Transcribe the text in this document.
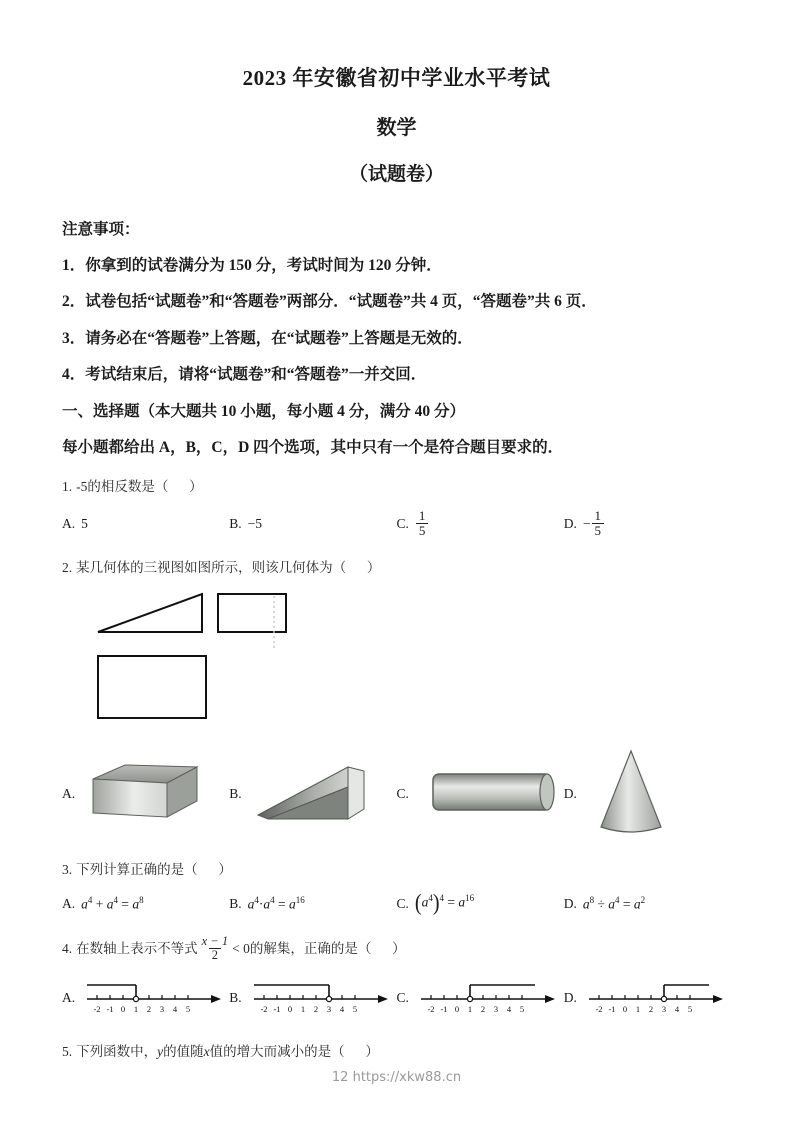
2023 年安徽省初中学业水平考试
数学
（试题卷）
注意事项：
1．你拿到的试卷满分为 150 分，考试时间为 120 分钟．
2．试卷包括“试题卷”和“答题卷”两部分．“试题卷”共 4 页，“答题卷”共 6 页．
3．请务必在“答题卷”上答题，在“试题卷”上答题是无效的．
4．考试结束后，请将“试题卷”和“答题卷”一并交回．
一、选择题（本大题共 10 小题，每小题 4 分，满分 40 分）
每小题都给出 A，B，C，D 四个选项，其中只有一个是符合题目要求的．
1. -5 的相反数是（
）
A. 5	B. −5	C. $\frac{1}{5}$	D. − $\frac{1}{5}$
2. 某几何体的三视图如图所示，则该几何体为（
）
A.	B.	C.	D.
3. 下列计算正确的是（
）
A. $a^4 + a^4 = a^8$	B. $a^4\cdot a^4 = a^{16}$	C. $(a^4)^4 = a^{16}$	D. $a^8 \div a^4 = a^2$
4. 在数轴上表示不等式 $\frac{x - 1}{2} < 0$ 的解集，正确的是（
）
A.
-2 -1 0 1 2 3 4 5
B.
-2 -1 0 1 2 3 4 5
C.
-2 -1 0 1 2 3 4 5
D.
-2 -1 0 1 2 3 4 5
5. 下列函数中， y 的值随 x 值的增大而减小的是（
）
12 https://xkw88.cn
